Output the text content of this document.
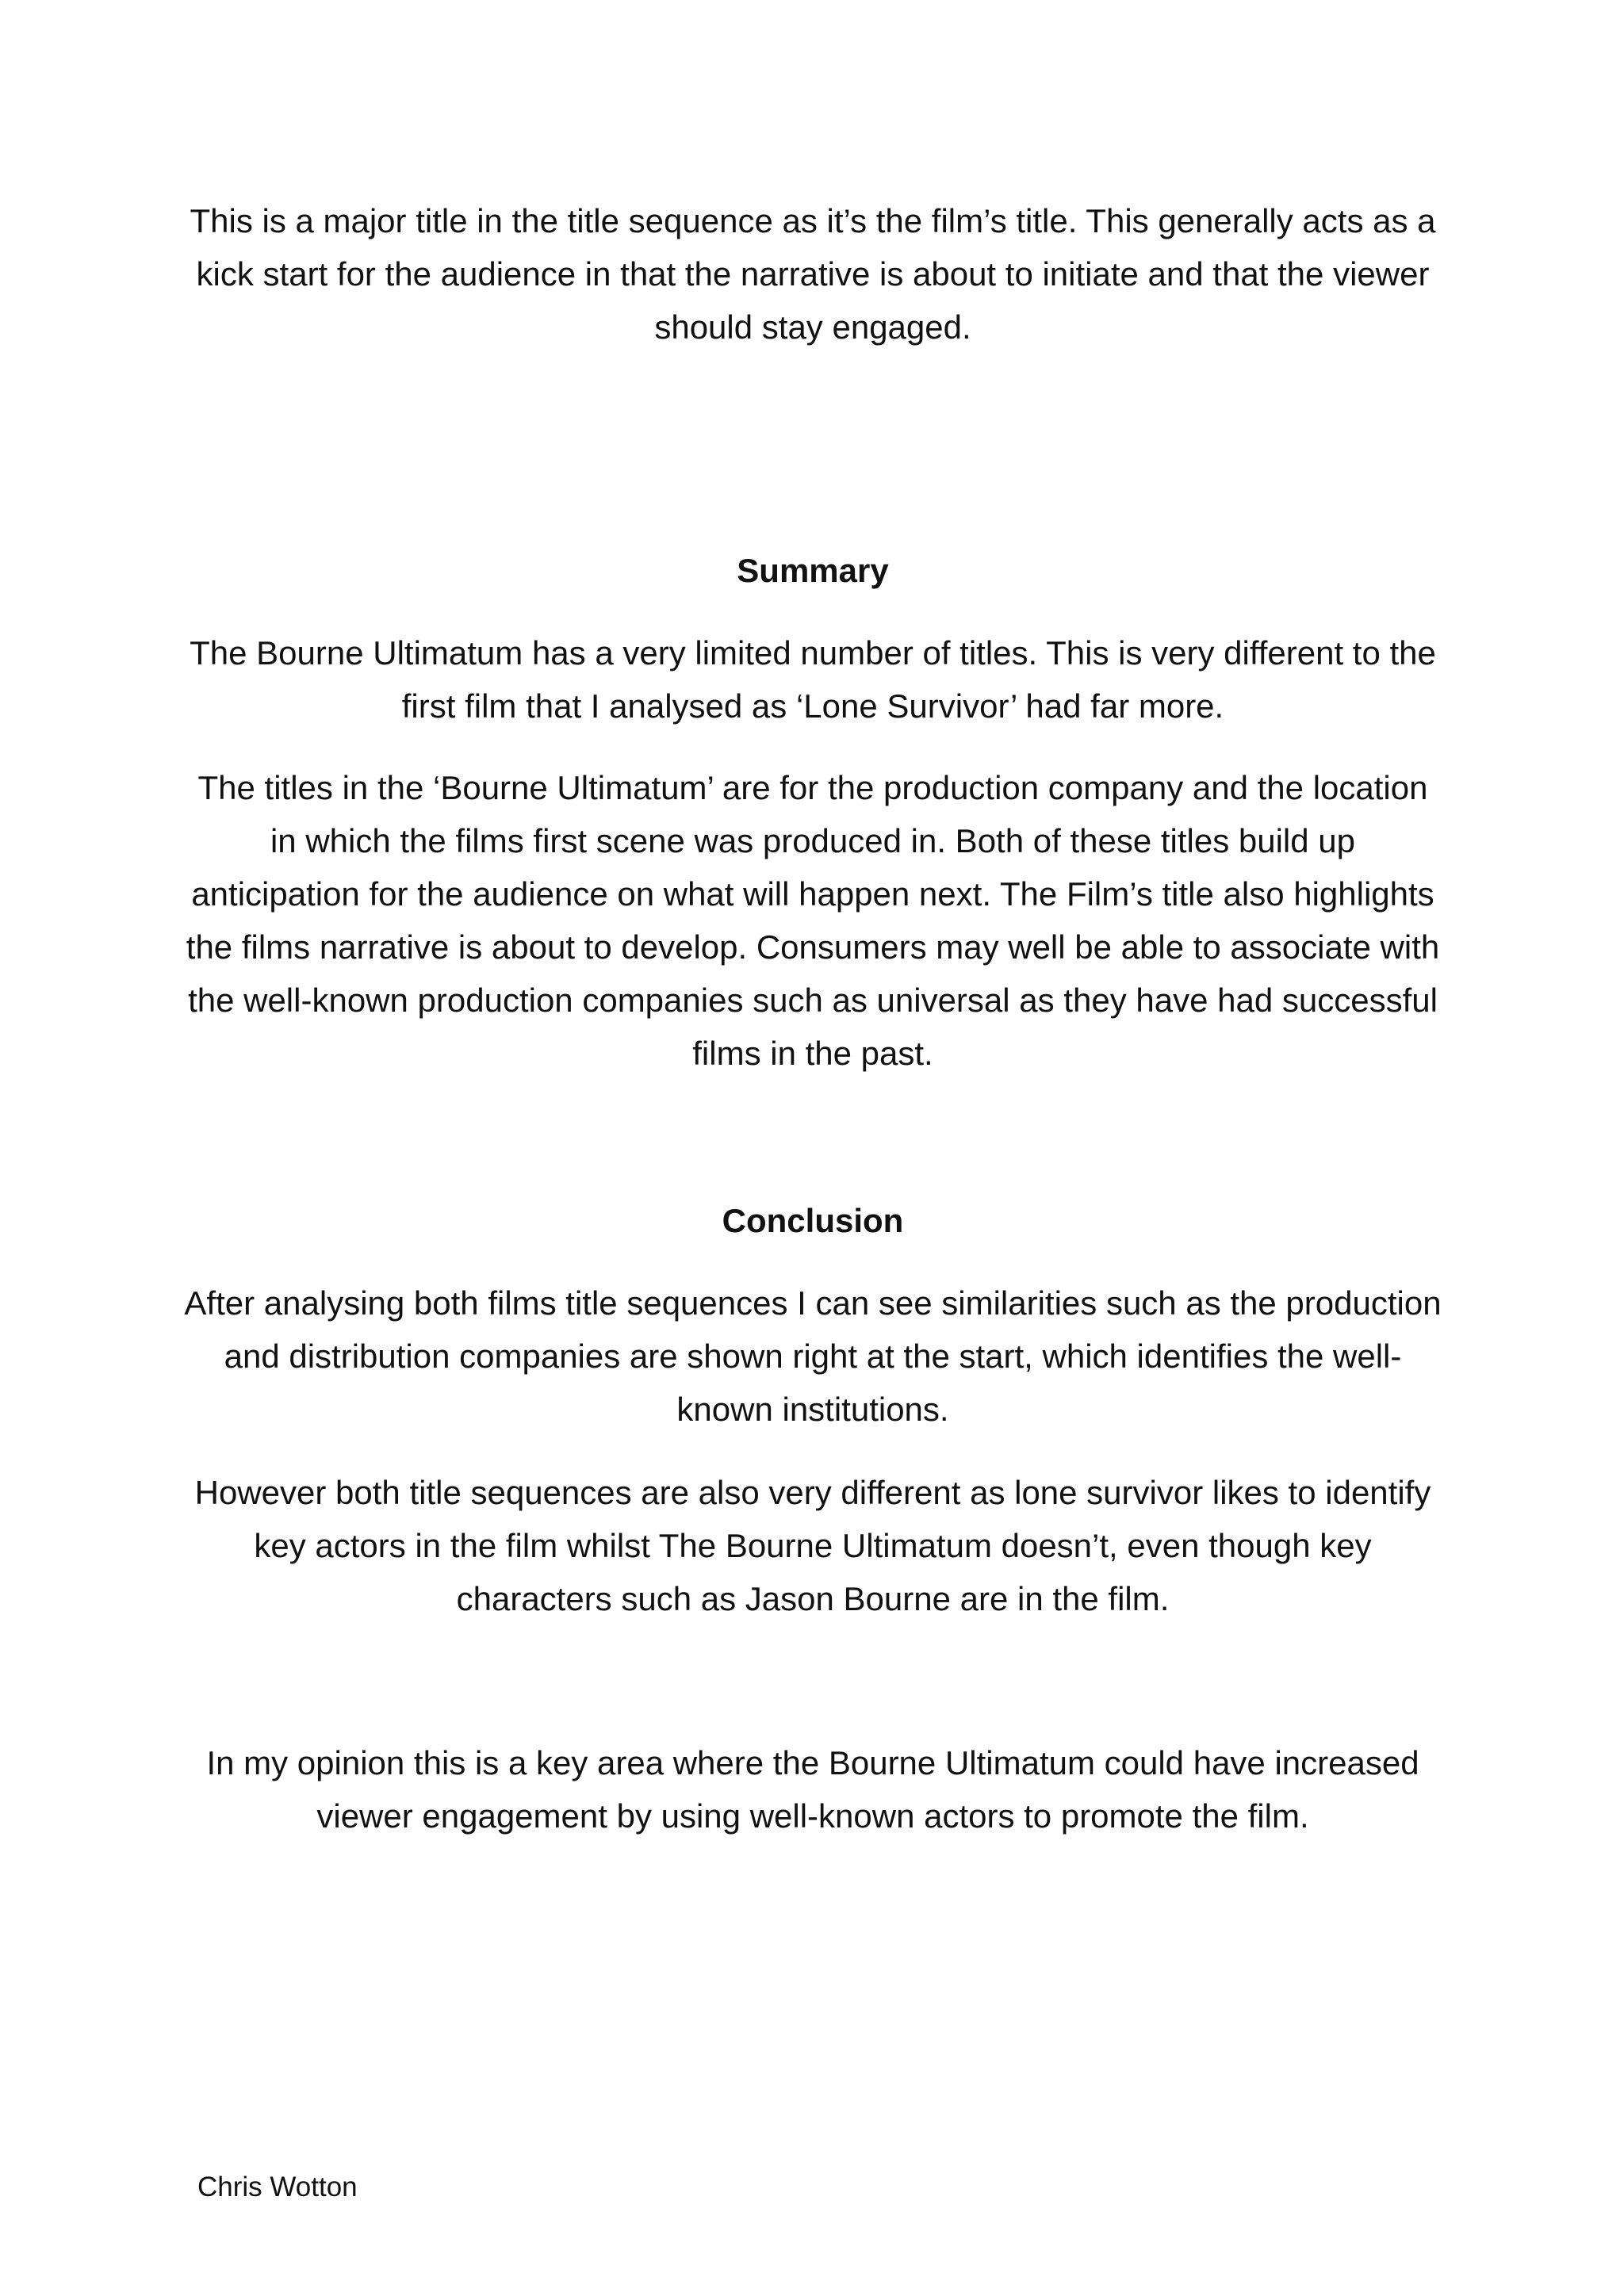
This is a major title in the title sequence as it’s the film’s title. This generally acts as a kick start for the audience in that the narrative is about to initiate and that the viewer should stay engaged.

Summary

The Bourne Ultimatum has a very limited number of titles. This is very different to the first film that I analysed as ‘Lone Survivor’ had far more.

The titles in the ‘Bourne Ultimatum’ are for the production company and the location in which the films first scene was produced in. Both of these titles build up anticipation for the audience on what will happen next. The Film’s title also highlights the films narrative is about to develop. Consumers may well be able to associate with the well-known production companies such as universal as they have had successful films in the past.

Conclusion

After analysing both films title sequences I can see similarities such as the production and distribution companies are shown right at the start, which identifies the well-known institutions.

However both title sequences are also very different as lone survivor likes to identify key actors in the film whilst The Bourne Ultimatum doesn’t, even though key characters such as Jason Bourne are in the film.

In my opinion this is a key area where the Bourne Ultimatum could have increased viewer engagement by using well-known actors to promote the film.

Chris Wotton
